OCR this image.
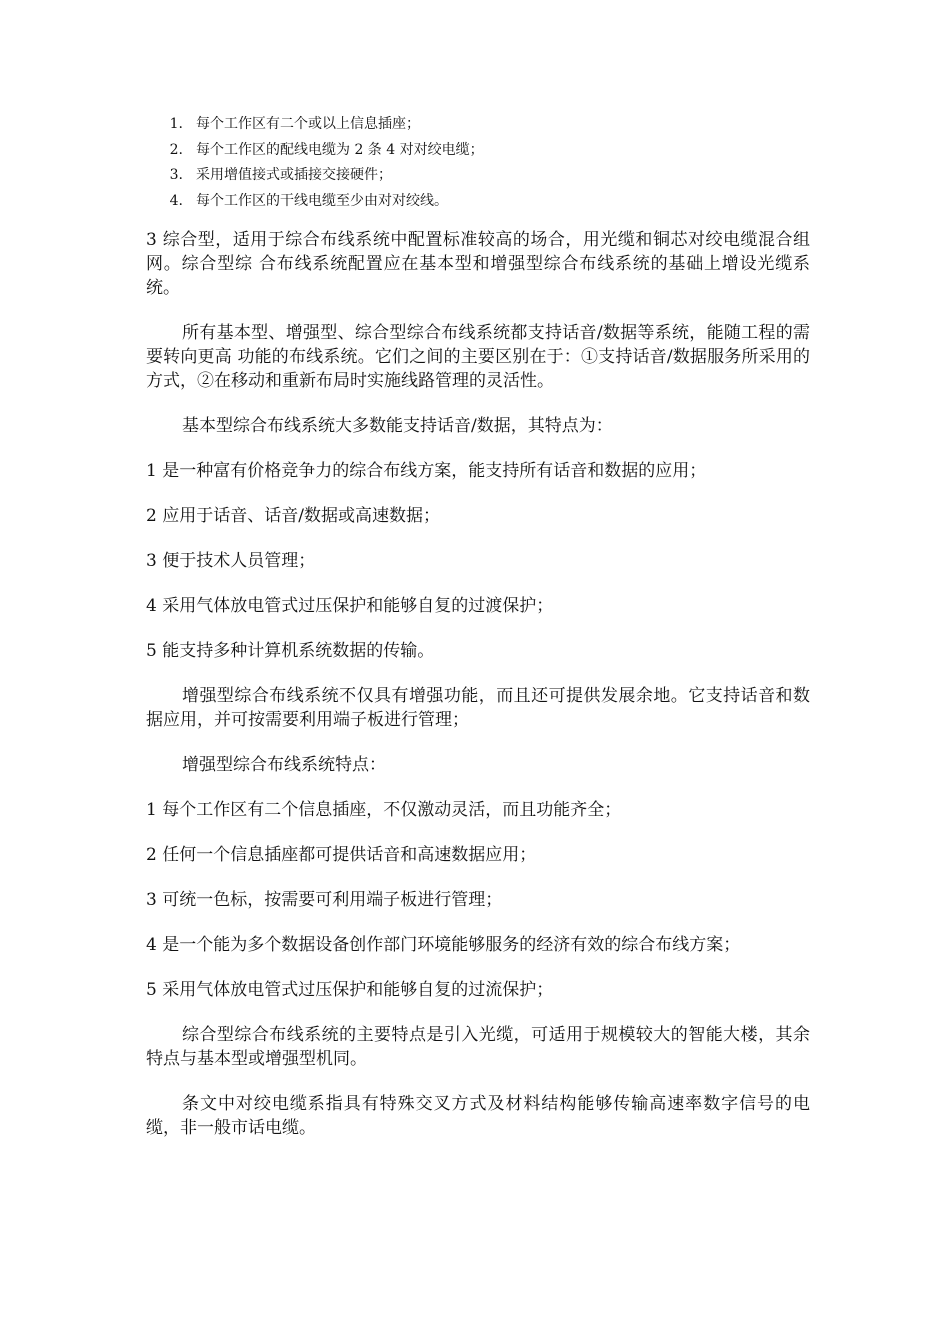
1. 每个工作区有二个或以上信息插座；
2. 每个工作区的配线电缆为 2 条 4 对对绞电缆；
3. 采用增值接式或插接交接硬件；
4. 每个工作区的干线电缆至少由对对绞线。

3 综合型，适用于综合布线系统中配置标准较高的场合，用光缆和铜芯对绞电缆混合组网。综合型综 合布线系统配置应在基本型和增强型综合布线系统的基础上增设光缆系统。

所有基本型、增强型、综合型综合布线系统都支持话音/数据等系统，能随工程的需要转向更高 功能的布线系统。它们之间的主要区别在于：①支持话音/数据服务所采用的方式，②在移动和重新布局时实施线路管理的灵活性。

基本型综合布线系统大多数能支持话音/数据，其特点为：

1 是一种富有价格竞争力的综合布线方案，能支持所有话音和数据的应用；

2 应用于话音、话音/数据或高速数据；

3 便于技术人员管理；

4 采用气体放电管式过压保护和能够自复的过渡保护；

5 能支持多种计算机系统数据的传输。

增强型综合布线系统不仅具有增强功能，而且还可提供发展余地。它支持话音和数据应用，并可按需要利用端子板进行管理；

增强型综合布线系统特点：

1 每个工作区有二个信息插座，不仅激动灵活，而且功能齐全；

2 任何一个信息插座都可提供话音和高速数据应用；

3 可统一色标，按需要可利用端子板进行管理；

4 是一个能为多个数据设备创作部门环境能够服务的经济有效的综合布线方案；

5 采用气体放电管式过压保护和能够自复的过流保护；

综合型综合布线系统的主要特点是引入光缆，可适用于规模较大的智能大楼，其余特点与基本型或增强型机同。

条文中对绞电缆系指具有特殊交叉方式及材料结构能够传输高速率数字信号的电缆，非一般市话电缆。
